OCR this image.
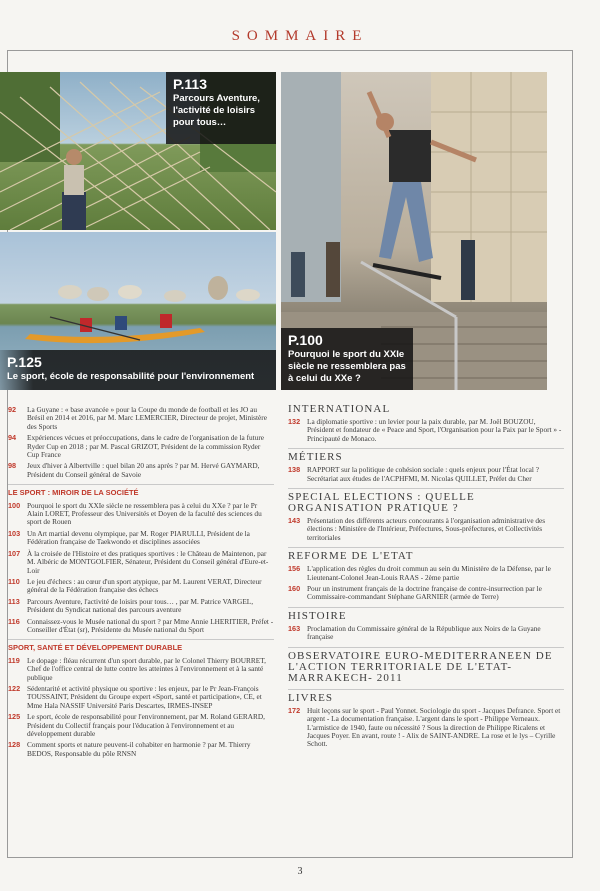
SOMMAIRE
P.113
Parcours Aventure, l'activité de loisirs pour tous…
P.125
Le sport, école de responsabilité pour l'environnement
P.100
Pourquoi le sport du XXIe siècle ne ressemblera pas à celui du XXe ?
92	La Guyane : « base avancée » pour la Coupe du monde de football et les JO au Brésil en 2014 et 2016, par M. Marc LEMERCIER, Directeur de projet, Ministère des Sports
94	Expériences vécues et préoccupations, dans le cadre de l'organisation de la future Ryder Cup en 2018 ; par M. Pascal GRIZOT, Président de la commission Ryder Cup France
98	Jeux d'hiver à Albertville : quel bilan 20 ans après ? par M. Hervé GAYMARD, Président du Conseil général de Savoie
LE SPORT : MIROIR DE LA SOCIÉTÉ
100 Pourquoi le sport du XXIe siècle ne ressemblera pas à celui du XXe ? par le Pr Alain LORET, Professeur des Universités et Doyen de la faculté des sciences du sport de Rouen
103 Un Art martial devenu olympique, par M. Roger PIARULLI, Président de la Fédération française de Taekwondo et disciplines associées
107 À la croisée de l'Histoire et des pratiques sportives : le Château de Maintenon, par M. Albéric de MONTGOLFIER, Sénateur, Président du Conseil général d'Eure-et-Loir
110 Le jeu d'échecs : au cœur d'un sport atypique, par M. Laurent VERAT, Directeur général de la Fédération française des échecs
113 Parcours Aventure, l'activité de loisirs pour tous… , par M. Patrice VARGEL, Président du Syndicat national des parcours aventure
116 Connaissez-vous le Musée national du sport ? par Mme Annie LHERITIER, Préfet - Conseiller d'État (sr), Présidente du Musée national du Sport
SPORT, SANTÉ ET DÉVELOPPEMENT DURABLE
119 Le dopage : fléau récurrent d'un sport durable, par le Colonel Thierry BOURRET, Chef de l'office central de lutte contre les atteintes à l'environnement et à la santé publique
122 Sédentarité et activité physique ou sportive : les enjeux, par le Pr Jean-François TOUSSAINT, Président du Groupe expert «Sport, santé et participation», CE, et Mme Hala NASSIF Université Paris Descartes, IRMES-INSEP
125 Le sport, école de responsabilité pour l'environnement, par M. Roland GERARD, Président du Collectif français pour l'éducation à l'environnement et au développement durable
128 Comment sports et nature peuvent-il cohabiter en harmonie ? par M. Thierry BEDOS, Responsable du pôle RNSN
INTERNATIONAL
132 La diplomatie sportive : un levier pour la paix durable, par M. Joël BOUZOU, Président et fondateur de « Peace and Sport, l'Organisation pour la Paix par le Sport » - Principauté de Monaco.
MÉTIERS
138 RAPPORT sur la politique de cohésion sociale : quels enjeux pour l'État local ? Secrétariat aux études de l'ACPHFMI, M. Nicolas QUILLET, Préfet du Cher
SPECIAL ELECTIONS : QUELLE ORGANISATION PRATIQUE ?
143 Présentation des différents acteurs concourants à l'organisation administrative des élections : Ministère de l'Intérieur, Préfectures, Sous-préfectures, et Collectivités territoriales
REFORME DE L'ETAT
156 L'application des règles du droit commun au sein du Ministère de la Défense, par le Lieutenant-Colonel Jean-Louis RAAS - 2ème partie
160 Pour un instrument français de la doctrine française de contre-insurrection par le Commissaire-commandant Stéphane GARNIER (armée de Terre)
HISTOIRE
163 Proclamation du Commissaire général de la République aux Noirs de la Guyane française
OBSERVATOIRE EURO-MEDITERRANEEN DE L'ACTION TERRITORIALE DE L'ETAT- MARRAKECH- 2011
LIVRES
172 Huit leçons sur le sport - Paul Yonnet. Sociologie du sport - Jacques Defrance. Sport et argent - La documentation française. L'argent dans le sport - Philippe Verneaux. L'armistice de 1940, faute ou nécessité ? Sous la direction de Philippe Ricalens et Jacques Poyer. En avant, route ! - Alix de SAINT-ANDRE. La rose et le lys – Cyrille Schott.
3
